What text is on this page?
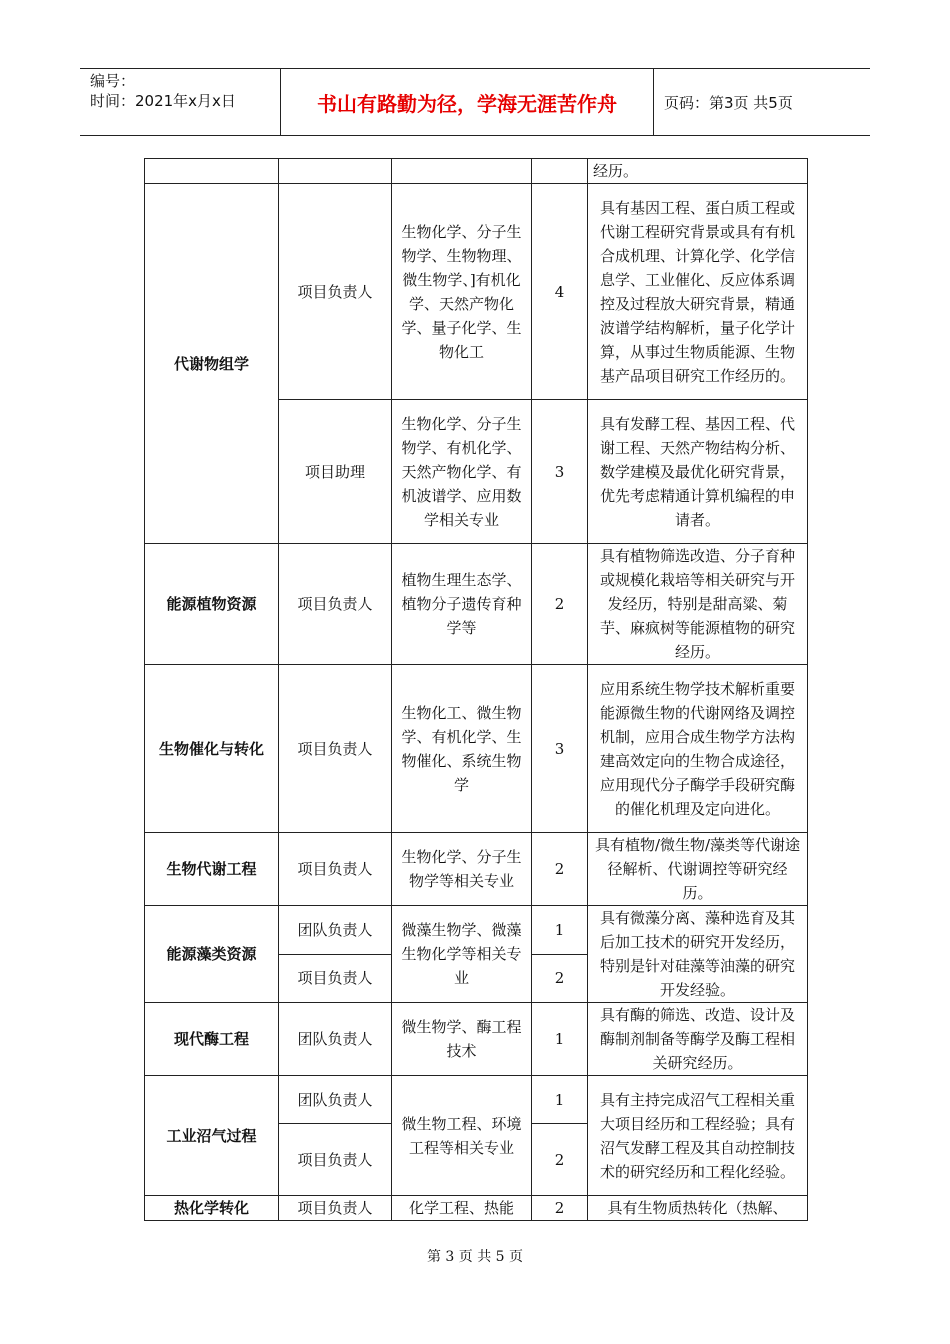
编号：
时间：2021年x月x日	书山有路勤为径，学海无涯苦作舟	页码：第3页 共5页
				经历。
代谢物组学	项目负责人	生物化学、分子生物学、生物物理、微生物学、]有机化学、天然产物化学、量子化学、生物化工	4	具有基因工程、蛋白质工程或代谢工程研究背景或具有有机合成机理、计算化学、化学信息学、工业催化、反应体系调控及过程放大研究背景，精通波谱学结构解析，量子化学计算，从事过生物质能源、生物基产品项目研究工作经历的。
	项目助理	生物化学、分子生物学、有机化学、天然产物化学、有机波谱学、应用数学相关专业	3	具有发酵工程、基因工程、代谢工程、天然产物结构分析、数学建模及最优化研究背景，优先考虑精通计算机编程的申请者。
能源植物资源	项目负责人	植物生理生态学、植物分子遗传育种学等	2	具有植物筛选改造、分子育种或规模化栽培等相关研究与开发经历，特别是甜高粱、菊芋、麻疯树等能源植物的研究经历。
生物催化与转化	项目负责人	生物化工、微生物学、有机化学、生物催化、系统生物学	3	应用系统生物学技术解析重要能源微生物的代谢网络及调控机制，应用合成生物学方法构建高效定向的生物合成途径，应用现代分子酶学手段研究酶的催化机理及定向进化。
生物代谢工程	项目负责人	生物化学、分子生物学等相关专业	2	具有植物/微生物/藻类等代谢途径解析、代谢调控等研究经历。
能源藻类资源	团队负责人	微藻生物学、微藻生物化学等相关专业	1	具有微藻分离、藻种选育及其后加工技术的研究开发经历，特别是针对硅藻等油藻的研究开发经验。
	项目负责人		2	
现代酶工程	团队负责人	微生物学、酶工程技术	1	具有酶的筛选、改造、设计及酶制剂制备等酶学及酶工程相关研究经历。
工业沼气过程	团队负责人	微生物工程、环境工程等相关专业	1	具有主持完成沼气工程相关重大项目经历和工程经验；具有沼气发酵工程及其自动控制技术的研究经历和工程化经验。
	项目负责人		2	
热化学转化	项目负责人	化学工程、热能	2	具有生物质热转化（热解、
第 3 页 共 5 页
